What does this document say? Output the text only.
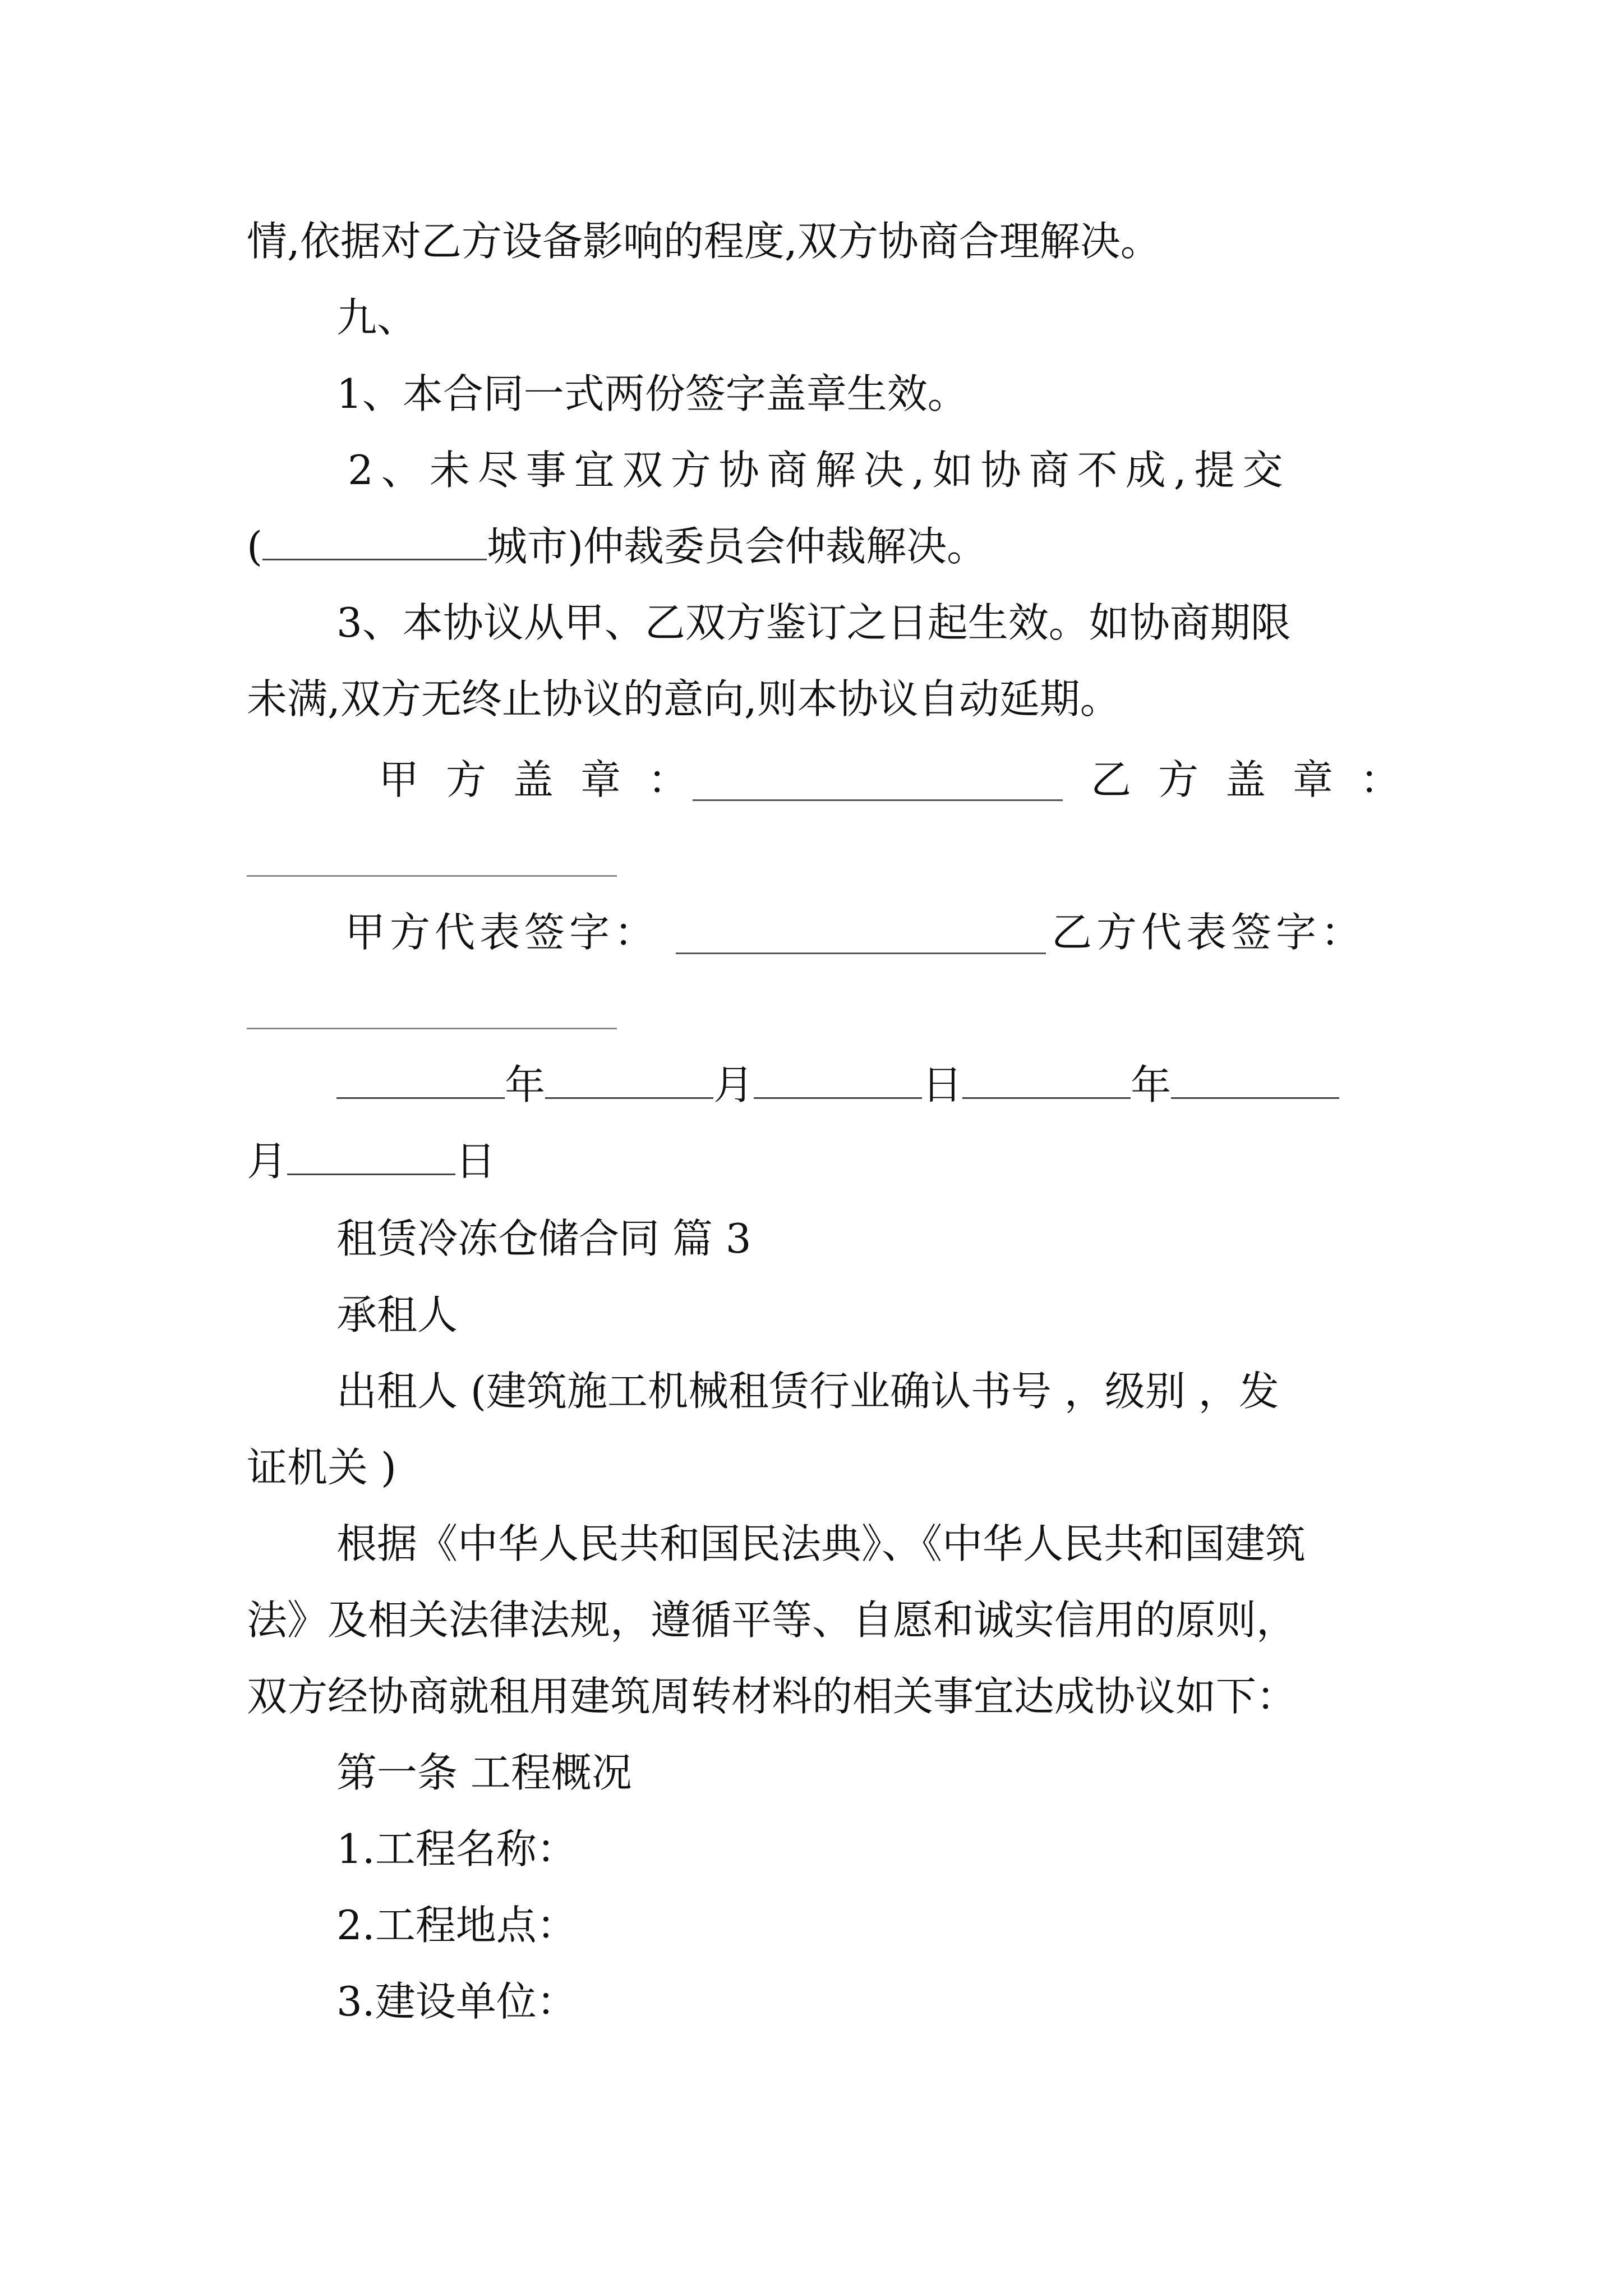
情,依据对乙方设备影响的程度,双方协商合理解决。
九、
1、本合同一式两份签字盖章生效。
2、未尽事宜双方协商解决,如协商不成,提交
(	城市)仲裁委员会仲裁解决。
3、本协议从甲、乙双方鉴订之日起生效。如协商期限
未满,双方无终止协议的意向,则本协议自动延期。
甲方盖章：	乙方盖章：
甲方代表签字：	乙方代表签字：
年	月	日	年
月	日
租赁冷冻仓储合同 篇 3
承租人
出租人 (建筑施工机械租赁行业确认书号 ，级别 ，发
证机关 )
根据《中华人民共和国民法典》、《中华人民共和国建筑
法》及相关法律法规，遵循平等、自愿和诚实信用的原则，
双方经协商就租用建筑周转材料的相关事宜达成协议如下：
第一条 工程概况
1.工程名称：
2.工程地点：
3.建设单位：
